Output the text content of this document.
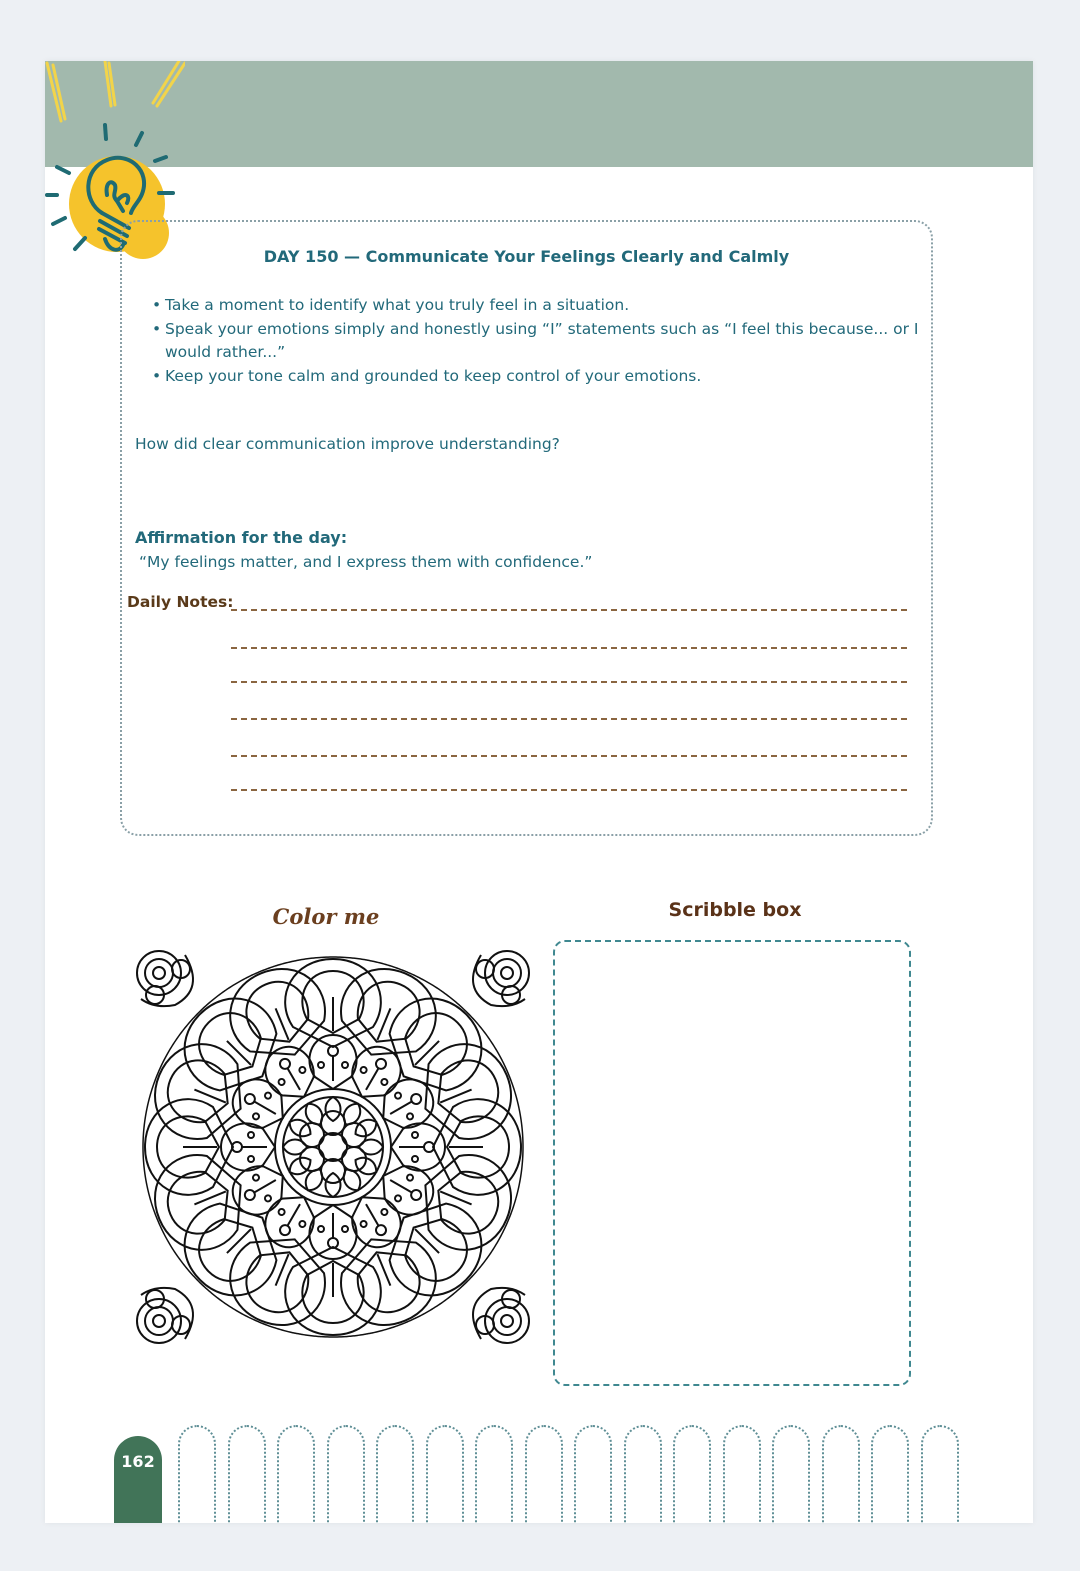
DAY 150 — Communicate Your Feelings Clearly and Calmly
• Take a moment to identify what you truly feel in a situation.
• Speak your emotions simply and honestly using “I” statements such as “I feel this because... or I would rather...”
• Keep your tone calm and grounded to keep control of your emotions.
How did clear communication improve understanding?
Affirmation for the day:
“My feelings matter, and I express them with confidence.”
Daily Notes:
Color me	Scribble box
162
